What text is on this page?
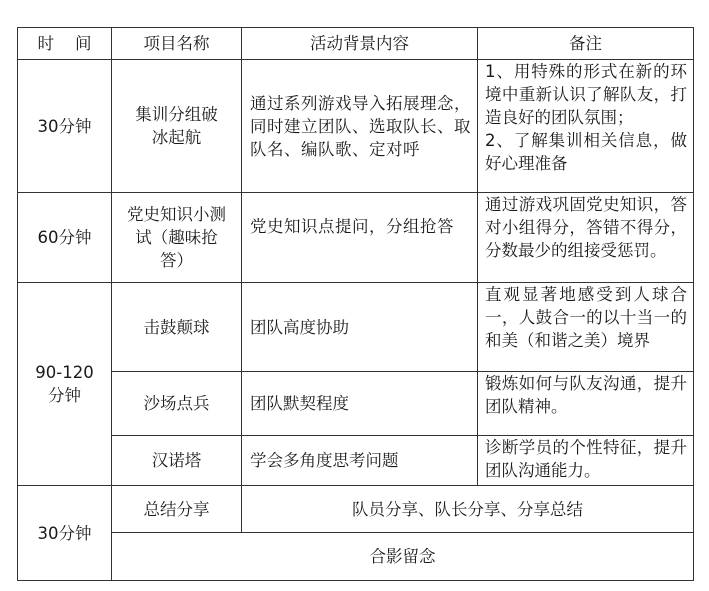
时    间	项目名称	活动背景内容	备注
30分钟	集训分组破冰起航	通过系列游戏导入拓展理念，同时建立团队、选取队长、取队名、编队歌、定对呼	1、用特殊的形式在新的环境中重新认识了解队友，打造良好的团队氛围；
2、了解集训相关信息，做好心理准备

60分钟	党史知识小测试（趣味抢答）	党史知识点提问，分组抢答	通过游戏巩固党史知识，答对小组得分，答错不得分，分数最少的组接受惩罚。

90-120分钟	击鼓颠球	团队高度协助	直观显著地感受到人球合一，人鼓合一的以十当一的和美（和谐之美）境界

	沙场点兵	团队默契程度	锻炼如何与队友沟通，提升团队精神。

	汉诺塔	学会多角度思考问题	诊断学员的个性特征，提升团队沟通能力。

30分钟	总结分享	队员分享、队长分享、分享总结	
	合影留念		
